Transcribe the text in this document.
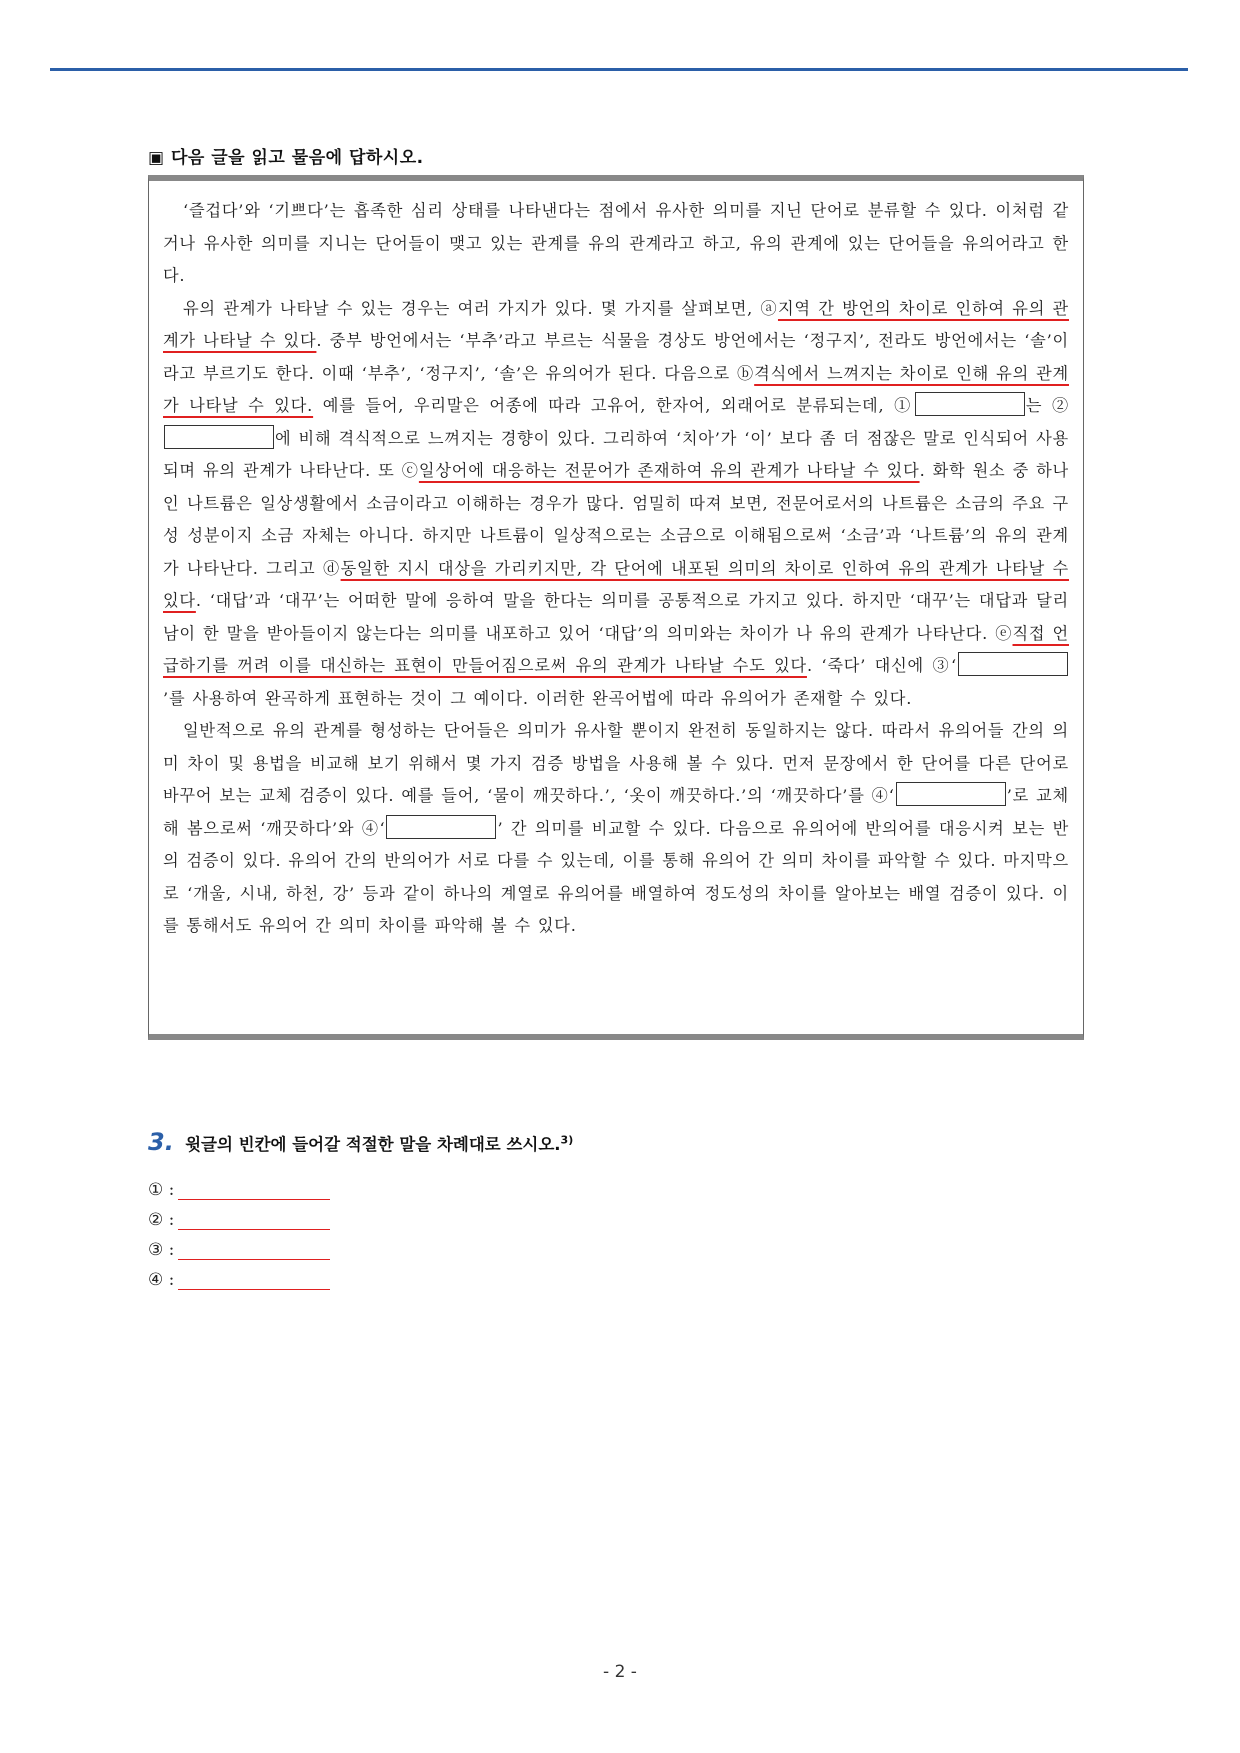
▣ 다음 글을 읽고 물음에 답하시오.

‘즐겁다’와 ‘기쁘다’는 흡족한 심리 상태를 나타낸다는 점에서 유사한 의미를 지닌 단어로 분류할 수 있다. 이처럼 같거나 유사한 의미를 지니는 단어들이 맺고 있는 관계를 유의 관계라고 하고, 유의 관계에 있는 단어들을 유의어라고 한다.

유의 관계가 나타날 수 있는 경우는 여러 가지가 있다. 몇 가지를 살펴보면, ⓐ지역 간 방언의 차이로 인하여 유의 관계가 나타날 수 있다. 중부 방언에서는 ‘부추’라고 부르는 식물을 경상도 방언에서는 ‘정구지’, 전라도 방언에서는 ‘솔’이라고 부르기도 한다. 이때 ‘부추’, ‘정구지’, ‘솔’은 유의어가 된다. 다음으로 ⓑ격식에서 느껴지는 차이로 인해 유의 관계가 나타날 수 있다. 예를 들어, 우리말은 어종에 따라 고유어, 한자어, 외래어로 분류되는데, ①	는 ②에 비해 격식적으로 느껴지는 경향이 있다. 그리하여 ‘치아’가 ‘이’ 보다 좀 더 점잖은 말로 인식되어 사용되며 유의 관계가 나타난다. 또 ⓒ일상어에 대응하는 전문어가 존재하여 유의 관계가 나타날 수 있다. 화학 원소 중 하나인 나트륨은 일상생활에서 소금이라고 이해하는 경우가 많다. 엄밀히 따져 보면, 전문어로서의 나트륨은 소금의 주요 구성 성분이지 소금 자체는 아니다. 하지만 나트륨이 일상적으로는 소금으로 이해됨으로써 ‘소금’과 ‘나트륨’의 유의 관계가 나타난다. 그리고 ⓓ동일한 지시 대상을 가리키지만, 각 단어에 내포된 의미의 차이로 인하여 유의 관계가 나타날 수 있다. ‘대답’과 ‘대꾸’는 어떠한 말에 응하여 말을 한다는 의미를 공통적으로 가지고 있다. 하지만 ‘대꾸’는 대답과 달리 남이 한 말을 받아들이지 않는다는 의미를 내포하고 있어 ‘대답’의 의미와는 차이가 나 유의 관계가 나타난다. ⓔ직접 언급하기를 꺼려 이를 대신하는 표현이 만들어짐으로써 유의 관계가 나타날 수도 있다. ‘죽다’ 대신에 ③‘’를 사용하여 완곡하게 표현하는 것이 그 예이다. 이러한 완곡어법에 따라 유의어가 존재할 수 있다.

일반적으로 유의 관계를 형성하는 단어들은 의미가 유사할 뿐이지 완전히 동일하지는 않다. 따라서 유의어들 간의 의미 차이 및 용법을 비교해 보기 위해서 몇 가지 검증 방법을 사용해 볼 수 있다. 먼저 문장에서 한 단어를 다른 단어로 바꾸어 보는 교체 검증이 있다. 예를 들어, ‘물이 깨끗하다.’, ‘옷이 깨끗하다.’의 ‘깨끗하다’를 ④‘	’로 교체해 봄으로써 ‘깨끗하다’와 ④‘	’ 간 의미를 비교할 수 있다. 다음으로 유의어에 반의어를 대응시켜 보는 반의 검증이 있다. 유의어 간의 반의어가 서로 다를 수 있는데, 이를 통해 유의어 간 의미 차이를 파악할 수 있다. 마지막으로 ‘개울, 시내, 하천, 강’ 등과 같이 하나의 계열로 유의어를 배열하여 정도성의 차이를 알아보는 배열 검증이 있다. 이를 통해서도 유의어 간 의미 차이를 파악해 볼 수 있다.

3. 윗글의 빈칸에 들어갈 적절한 말을 차례대로 쓰시오.$^{3)}$
① :
② :
③ :
④ :
- 2 -
